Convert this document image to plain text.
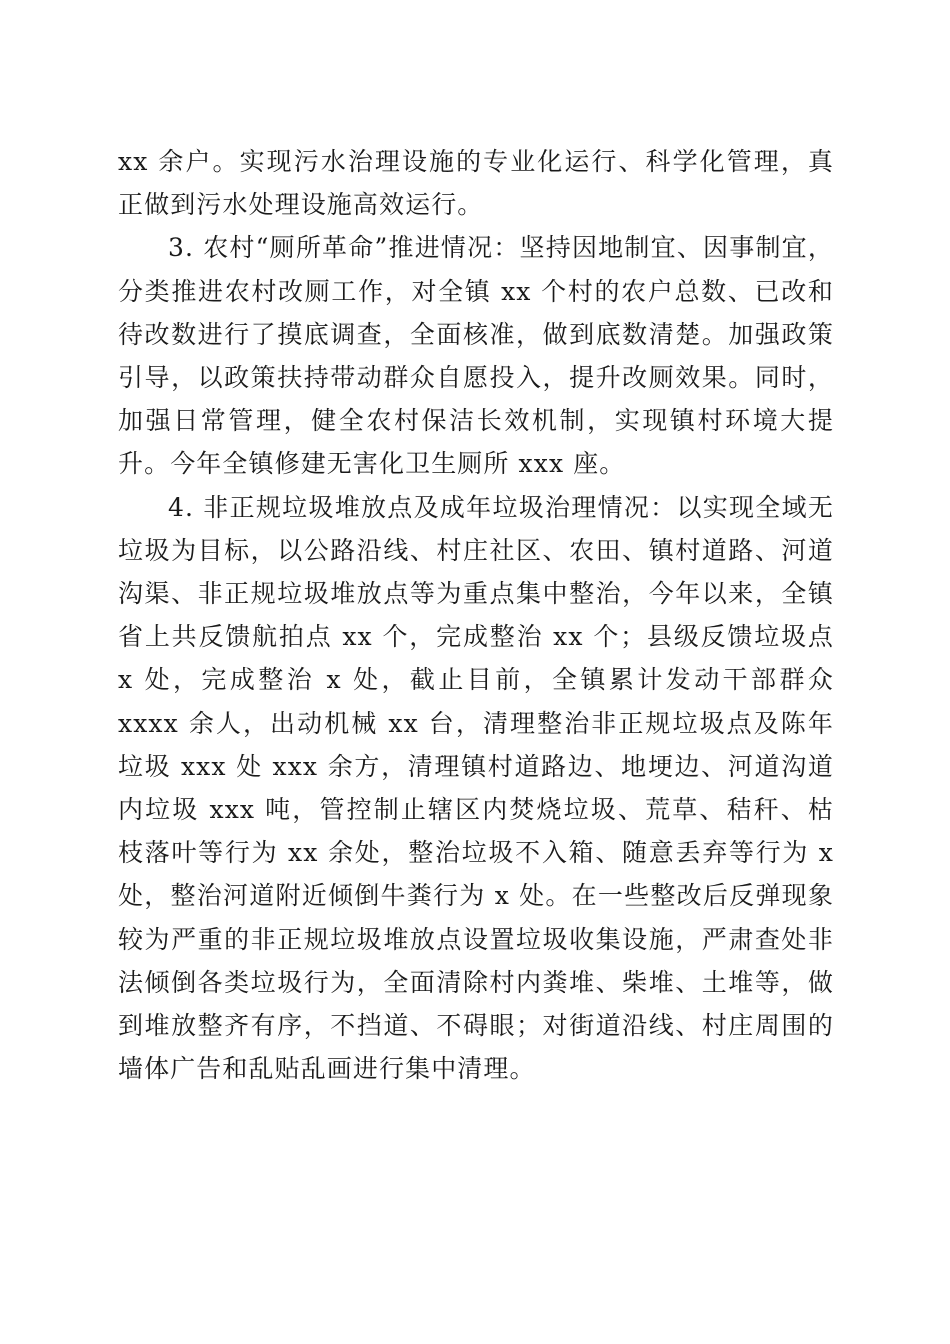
xx 余户。实现污水治理设施的专业化运行、科学化管理，真正做到污水处理设施高效运行。

3. 农村“厕所革命”推进情况：坚持因地制宜、因事制宜，分类推进农村改厕工作，对全镇 xx 个村的农户总数、已改和待改数进行了摸底调查，全面核准，做到底数清楚。加强政策引导，以政策扶持带动群众自愿投入，提升改厕效果。同时，加强日常管理，健全农村保洁长效机制，实现镇村环境大提升。今年全镇修建无害化卫生厕所 xxx 座。

4. 非正规垃圾堆放点及成年垃圾治理情况：以实现全域无垃圾为目标，以公路沿线、村庄社区、农田、镇村道路、河道沟渠、非正规垃圾堆放点等为重点集中整治，今年以来，全镇省上共反馈航拍点 xx 个，完成整治 xx 个；县级反馈垃圾点 x 处，完成整治 x 处，截止目前，全镇累计发动干部群众 xxxx 余人，出动机械 xx 台，清理整治非正规垃圾点及陈年垃圾 xxx 处 xxx 余方，清理镇村道路边、地埂边、河道沟道内垃圾 xxx 吨，管控制止辖区内焚烧垃圾、荒草、秸秆、枯枝落叶等行为 xx 余处，整治垃圾不入箱、随意丢弃等行为 x 处，整治河道附近倾倒牛粪行为 x 处。在一些整改后反弹现象较为严重的非正规垃圾堆放点设置垃圾收集设施，严肃查处非法倾倒各类垃圾行为，全面清除村内粪堆、柴堆、土堆等，做到堆放整齐有序，不挡道、不碍眼；对街道沿线、村庄周围的墙体广告和乱贴乱画进行集中清理。
